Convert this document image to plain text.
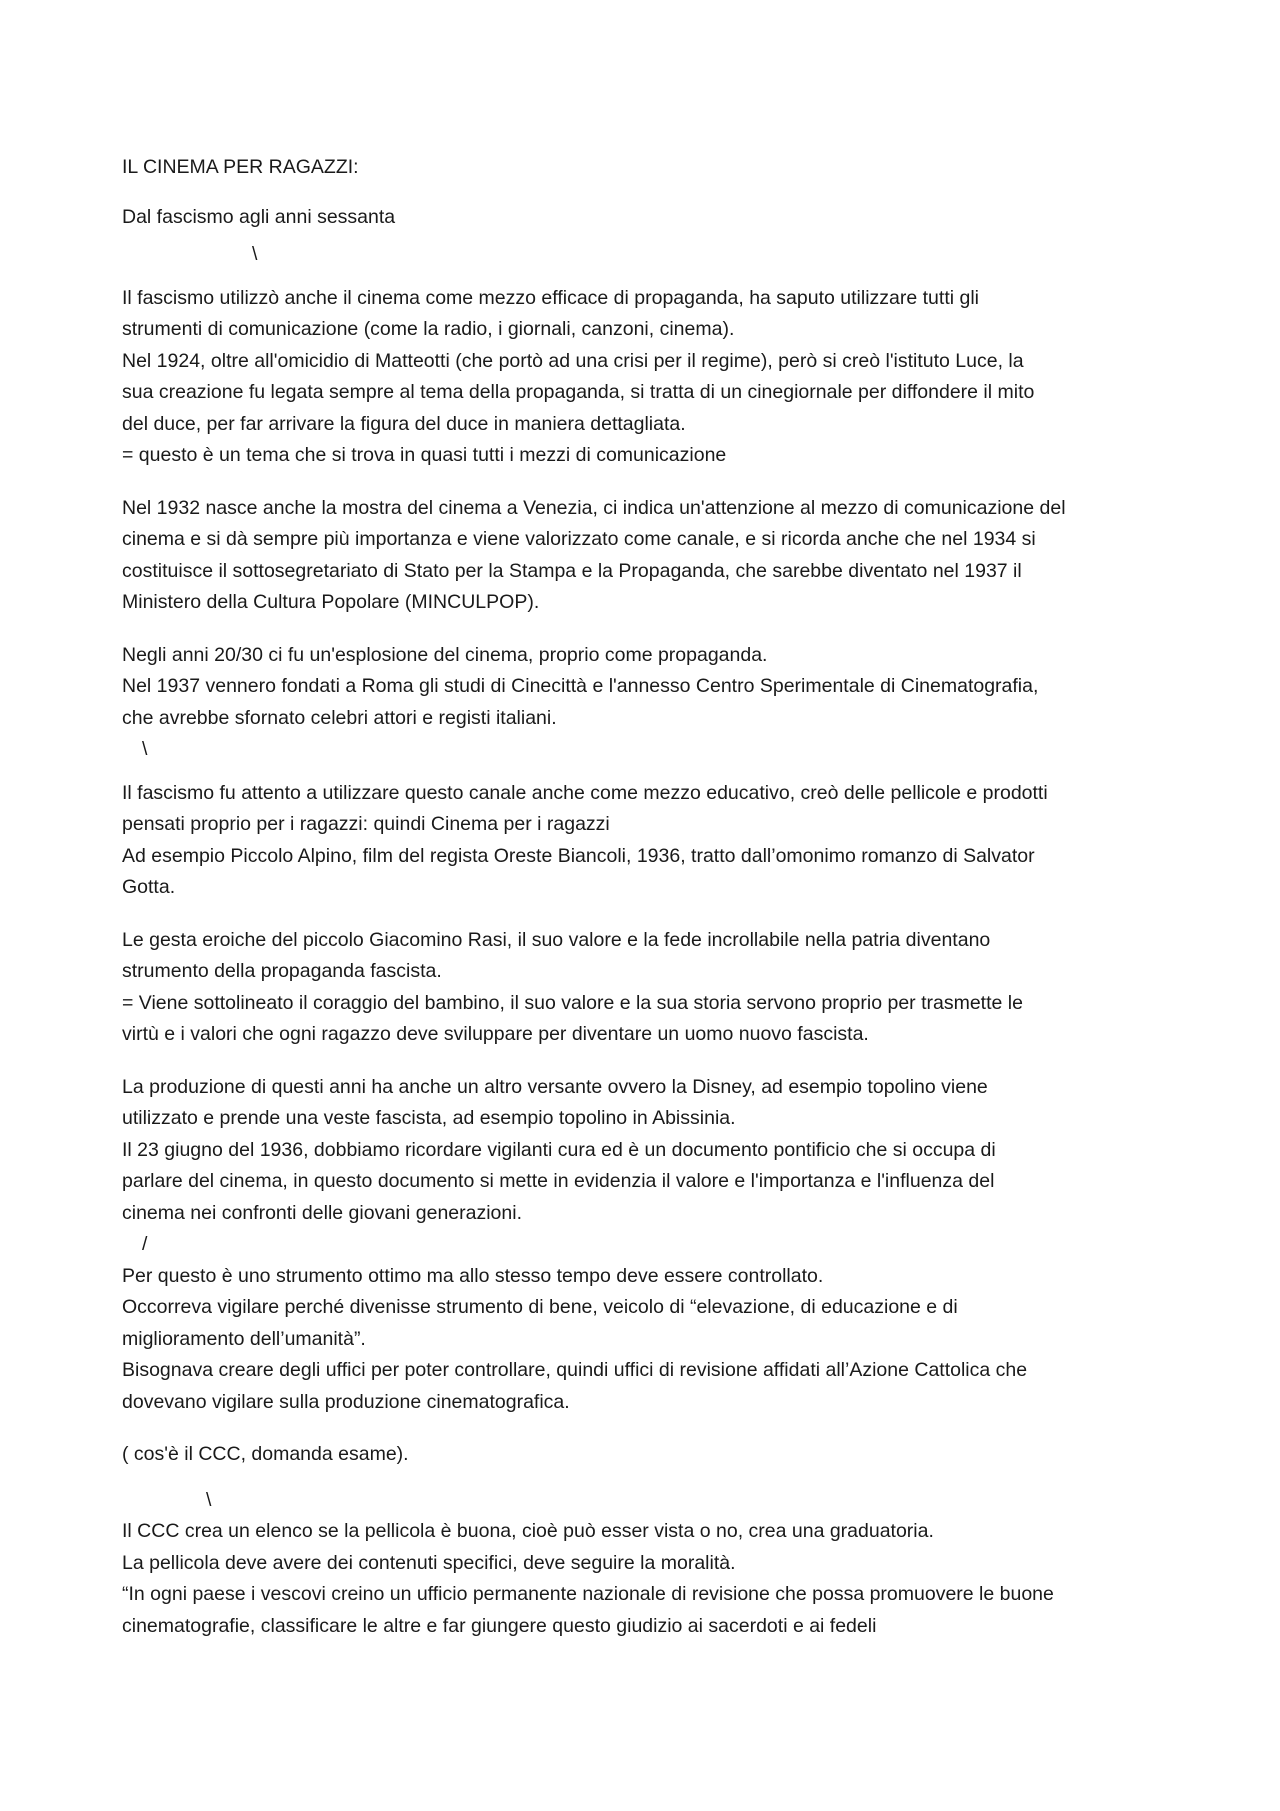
IL CINEMA PER RAGAZZI:
Dal fascismo agli anni sessanta
\
Il fascismo utilizzò anche il cinema come mezzo efficace di propaganda, ha saputo utilizzare tutti gli
strumenti di comunicazione (come la radio, i giornali, canzoni, cinema).
Nel 1924, oltre all'omicidio di Matteotti (che portò ad una crisi per il regime), però si creò l'istituto Luce, la
sua creazione fu legata sempre al tema della propaganda, si tratta di un cinegiornale per diffondere il mito
del duce, per far arrivare la figura del duce in maniera dettagliata.
= questo è un tema che si trova in quasi tutti i mezzi di comunicazione
Nel 1932 nasce anche la mostra del cinema a Venezia, ci indica un'attenzione al mezzo di comunicazione del
cinema e si dà sempre più importanza e viene valorizzato come canale, e si ricorda anche che nel 1934 si
costituisce il sottosegretariato di Stato per la Stampa e la Propaganda, che sarebbe diventato nel 1937 il
Ministero della Cultura Popolare (MINCULPOP).
Negli anni 20/30 ci fu un'esplosione del cinema, proprio come propaganda.
Nel 1937 vennero fondati a Roma gli studi di Cinecittà e l'annesso Centro Sperimentale di Cinematografia,
che avrebbe sfornato celebri attori e registi italiani.
\
Il fascismo fu attento a utilizzare questo canale anche come mezzo educativo, creò delle pellicole e prodotti
pensati proprio per i ragazzi: quindi Cinema per i ragazzi
Ad esempio Piccolo Alpino, film del regista Oreste Biancoli, 1936, tratto dall’omonimo romanzo di Salvator
Gotta.
Le gesta eroiche del piccolo Giacomino Rasi, il suo valore e la fede incrollabile nella patria diventano
strumento della propaganda fascista.
= Viene sottolineato il coraggio del bambino, il suo valore e la sua storia servono proprio per trasmette le
virtù e i valori che ogni ragazzo deve sviluppare per diventare un uomo nuovo fascista.
La produzione di questi anni ha anche un altro versante ovvero la Disney, ad esempio topolino viene
utilizzato e prende una veste fascista, ad esempio topolino in Abissinia.
Il 23 giugno del 1936, dobbiamo ricordare vigilanti cura ed è un documento pontificio che si occupa di
parlare del cinema, in questo documento si mette in evidenzia il valore e l'importanza e l'influenza del
cinema nei confronti delle giovani generazioni.
/
Per questo è uno strumento ottimo ma allo stesso tempo deve essere controllato.
Occorreva vigilare perché divenisse strumento di bene, veicolo di “elevazione, di educazione e di
miglioramento dell’umanità”.
Bisognava creare degli uffici per poter controllare, quindi uffici di revisione affidati all’Azione Cattolica che
dovevano vigilare sulla produzione cinematografica.
( cos'è il CCC, domanda esame).
\
Il CCC crea un elenco se la pellicola è buona, cioè può esser vista o no, crea una graduatoria.
La pellicola deve avere dei contenuti specifici, deve seguire la moralità.
“In ogni paese i vescovi creino un ufficio permanente nazionale di revisione che possa promuovere le buone
cinematografie, classificare le altre e far giungere questo giudizio ai sacerdoti e ai fedeli
